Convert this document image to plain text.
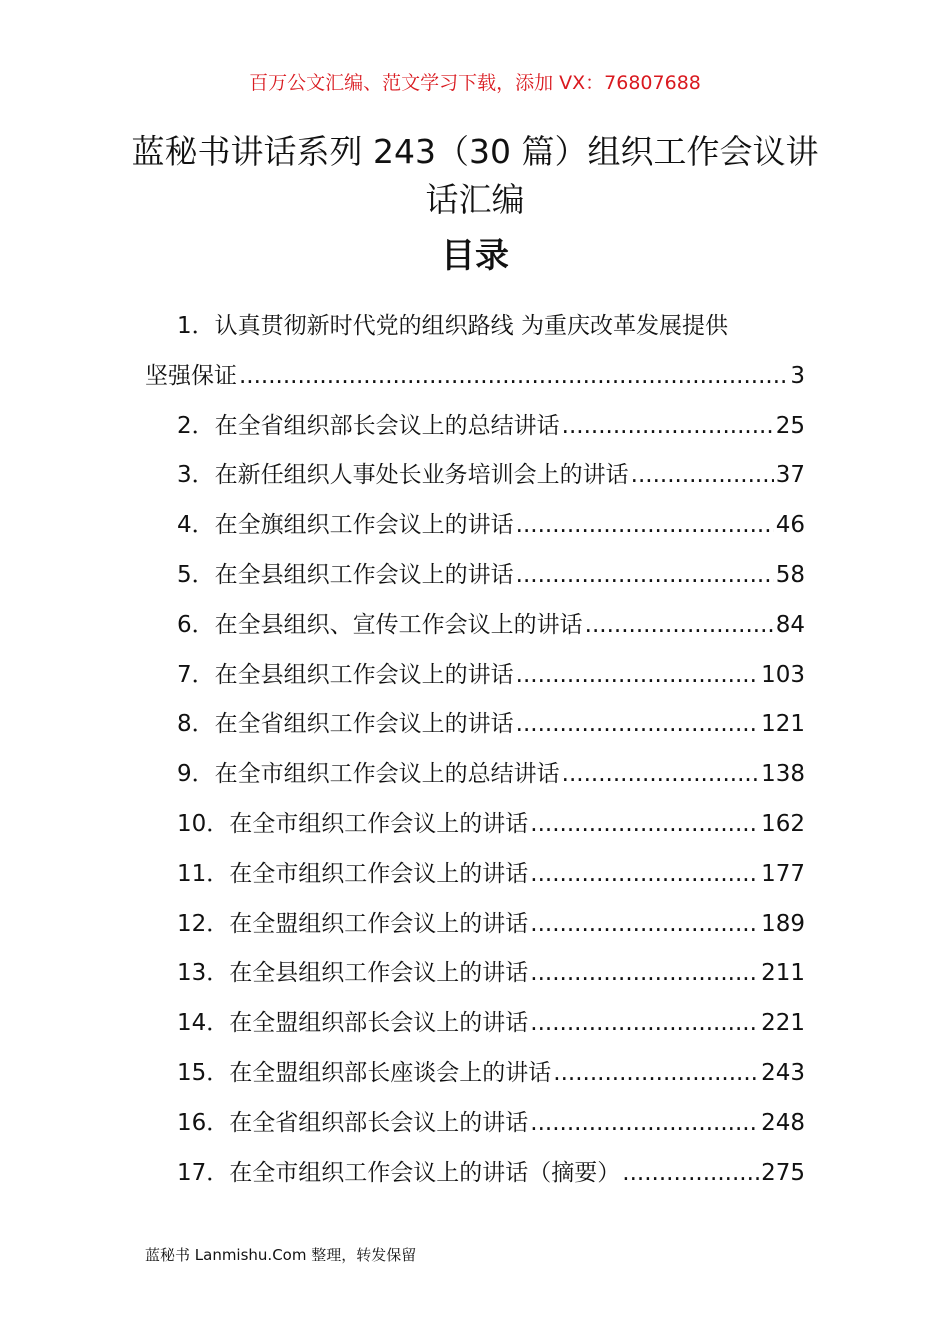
百万公文汇编、范文学习下载，添加 VX：76807688
蓝秘书讲话系列 243（30 篇）组织工作会议讲话汇编
目录
1．认真贯彻新时代党的组织路线 为重庆改革发展提供
坚强保证 .....	3
2．在全省组织部长会议上的总结讲话 .....	25
3．在新任组织人事处长业务培训会上的讲话 .....	37
4．在全旗组织工作会议上的讲话 .....	46
5．在全县组织工作会议上的讲话 .....	58
6．在全县组织、宣传工作会议上的讲话 .....	84
7．在全县组织工作会议上的讲话 .....	103
8．在全省组织工作会议上的讲话 .....	121
9．在全市组织工作会议上的总结讲话 .....	138
10．在全市组织工作会议上的讲话 .....	162
11．在全市组织工作会议上的讲话 .....	177
12．在全盟组织工作会议上的讲话 .....	189
13．在全县组织工作会议上的讲话 .....	211
14．在全盟组织部长会议上的讲话 .....	221
15．在全盟组织部长座谈会上的讲话 .....	243
16．在全省组织部长会议上的讲话 .....	248
17．在全市组织工作会议上的讲话（摘要） .....	275
蓝秘书 Lanmishu.Com 整理，转发保留
